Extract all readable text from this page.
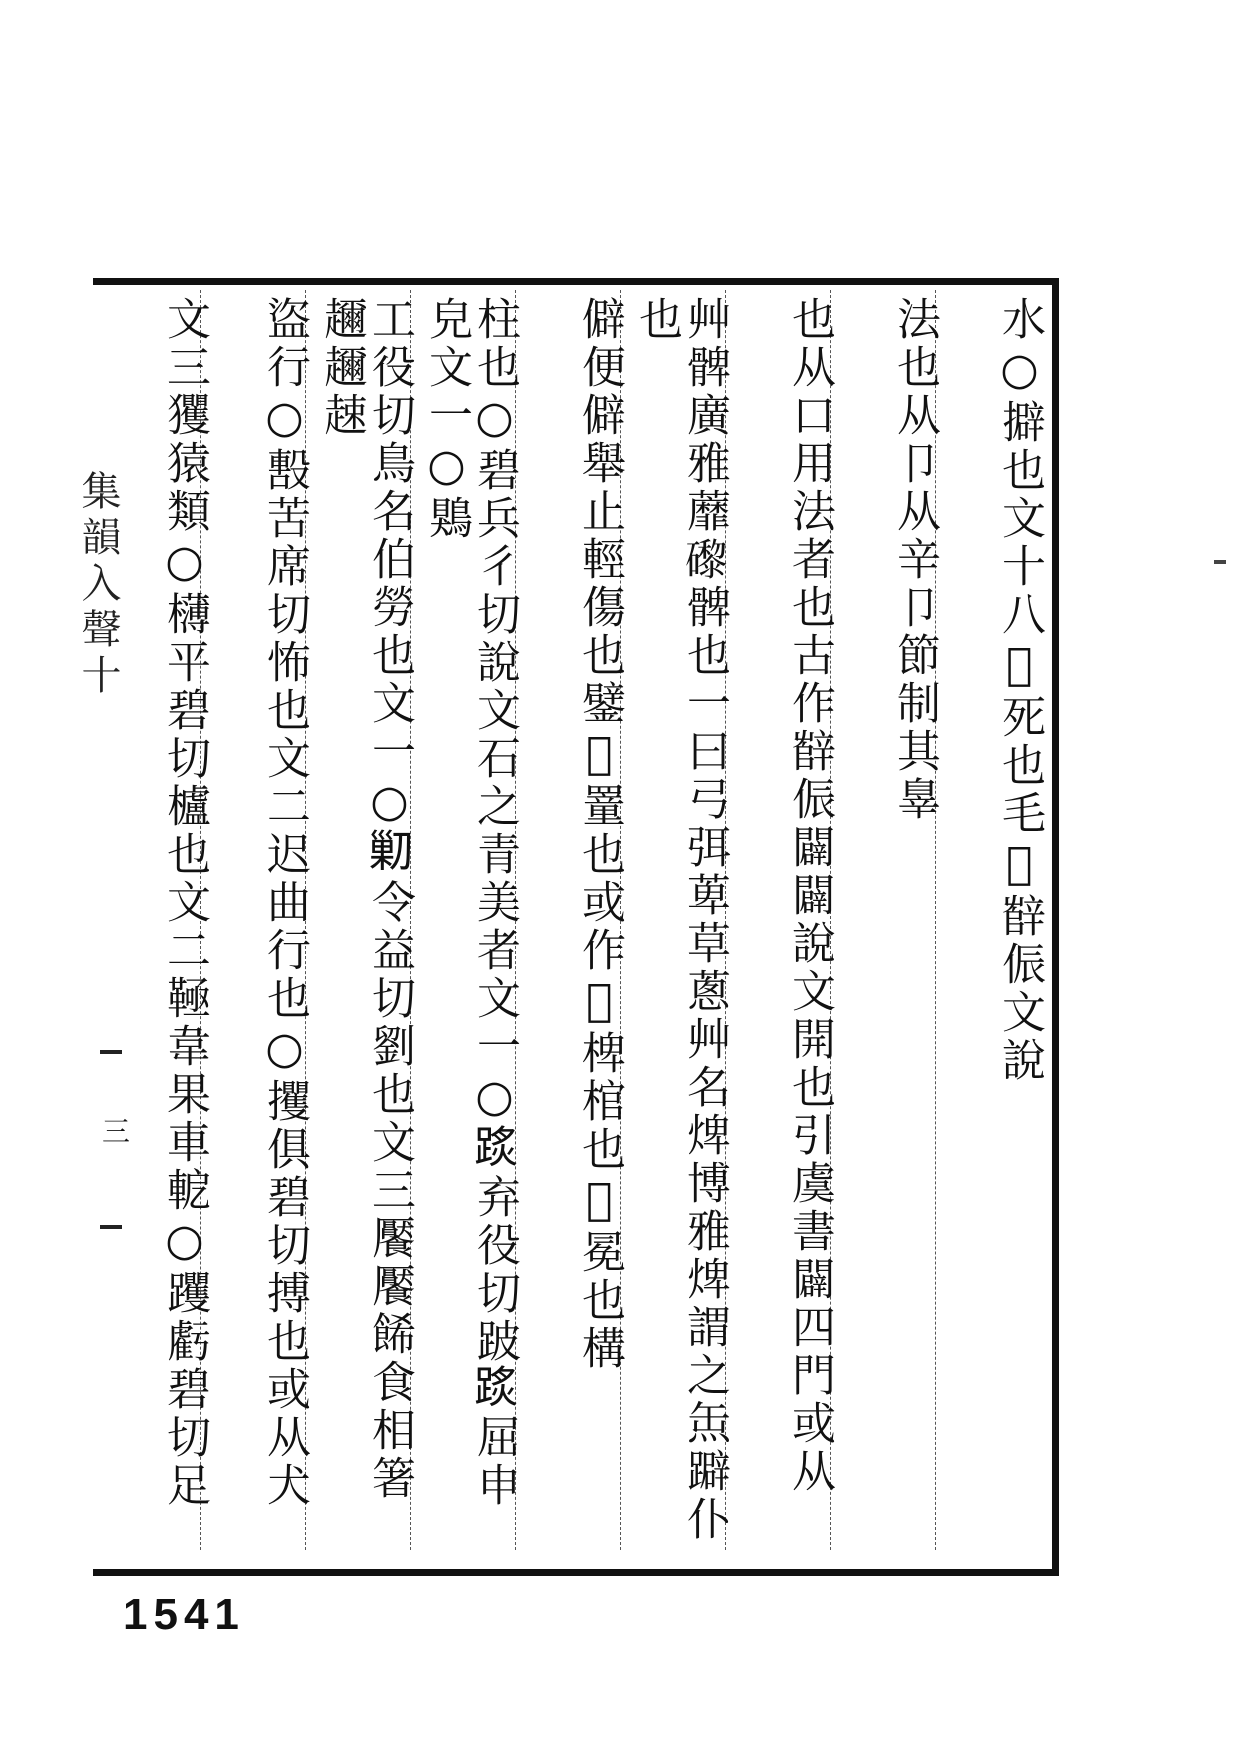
水○擗也文十八𨊦死也毛𤔁辥侲文說
法也从卩从辛卩節制其辠
也从口用法者也古作辥侲闢闢說文開也引虞書闢四門或从
艸髀廣雅蘼𥗍髀也一曰弓弭萆草蔥艸名焷博雅焷謂之缹躃仆也
僻便僻舉止輕傷也鐾𩍣罿也或作𩍣椑棺也𨜮冕也構
柱也○碧兵彳切說文石之青美者文一○𨂂弃役切跛𨂂屈申皃文一○鶪
工役切鳥名伯勞也文一○𠞰令益切劉也文三饜饜餙食相箸趰趰趚
盜行○毄苦席切怖也文二迟曲行也○攫俱碧切搏也或从犬
文三玃猿類○欂平碧切櫨也文二䩯韋果車軶○躩虧碧切足
集韻入聲十
三
1541
